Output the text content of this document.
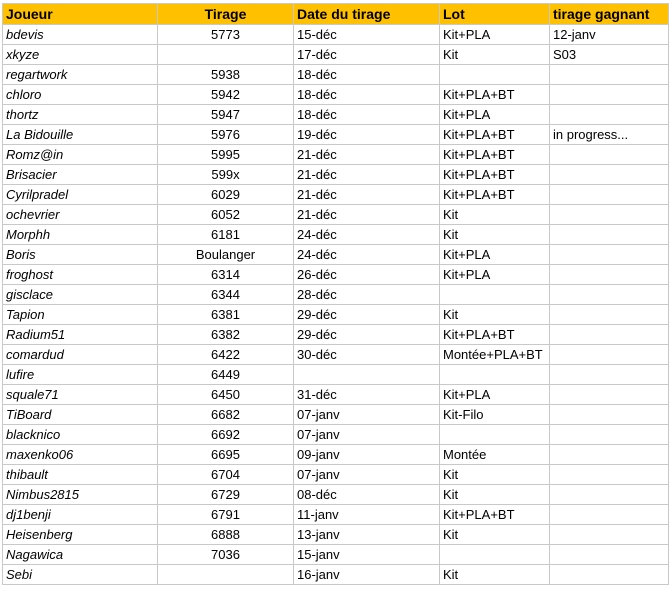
Joueur	Tirage	Date du tirage	Lot	tirage gagnant
bdevis	5773	15-déc	Kit+PLA	12-janv
xkyze		17-déc	Kit	S03
regartwork	5938	18-déc		
chloro	5942	18-déc	Kit+PLA+BT	
thortz	5947	18-déc	Kit+PLA	
La Bidouille	5976	19-déc	Kit+PLA+BT	in progress...
Romz@in	5995	21-déc	Kit+PLA+BT	
Brisacier	599x	21-déc	Kit+PLA+BT	
Cyrilpradel	6029	21-déc	Kit+PLA+BT	
ochevrier	6052	21-déc	Kit	
Morphh	6181	24-déc	Kit	
Boris	Boulanger	24-déc	Kit+PLA	
froghost	6314	26-déc	Kit+PLA	
gisclace	6344	28-déc		
Tapion	6381	29-déc	Kit	
Radium51	6382	29-déc	Kit+PLA+BT	
comardud	6422	30-déc	Montée+PLA+BT	
lufire	6449			
squale71	6450	31-déc	Kit+PLA	
TiBoard	6682	07-janv	Kit-Filo	
blacknico	6692	07-janv		
maxenko06	6695	09-janv	Montée	
thibault	6704	07-janv	Kit	
Nimbus2815	6729	08-déc	Kit	
dj1benji	6791	11-janv	Kit+PLA+BT	
Heisenberg	6888	13-janv	Kit	
Nagawica	7036	15-janv		
Sebi		16-janv	Kit	
